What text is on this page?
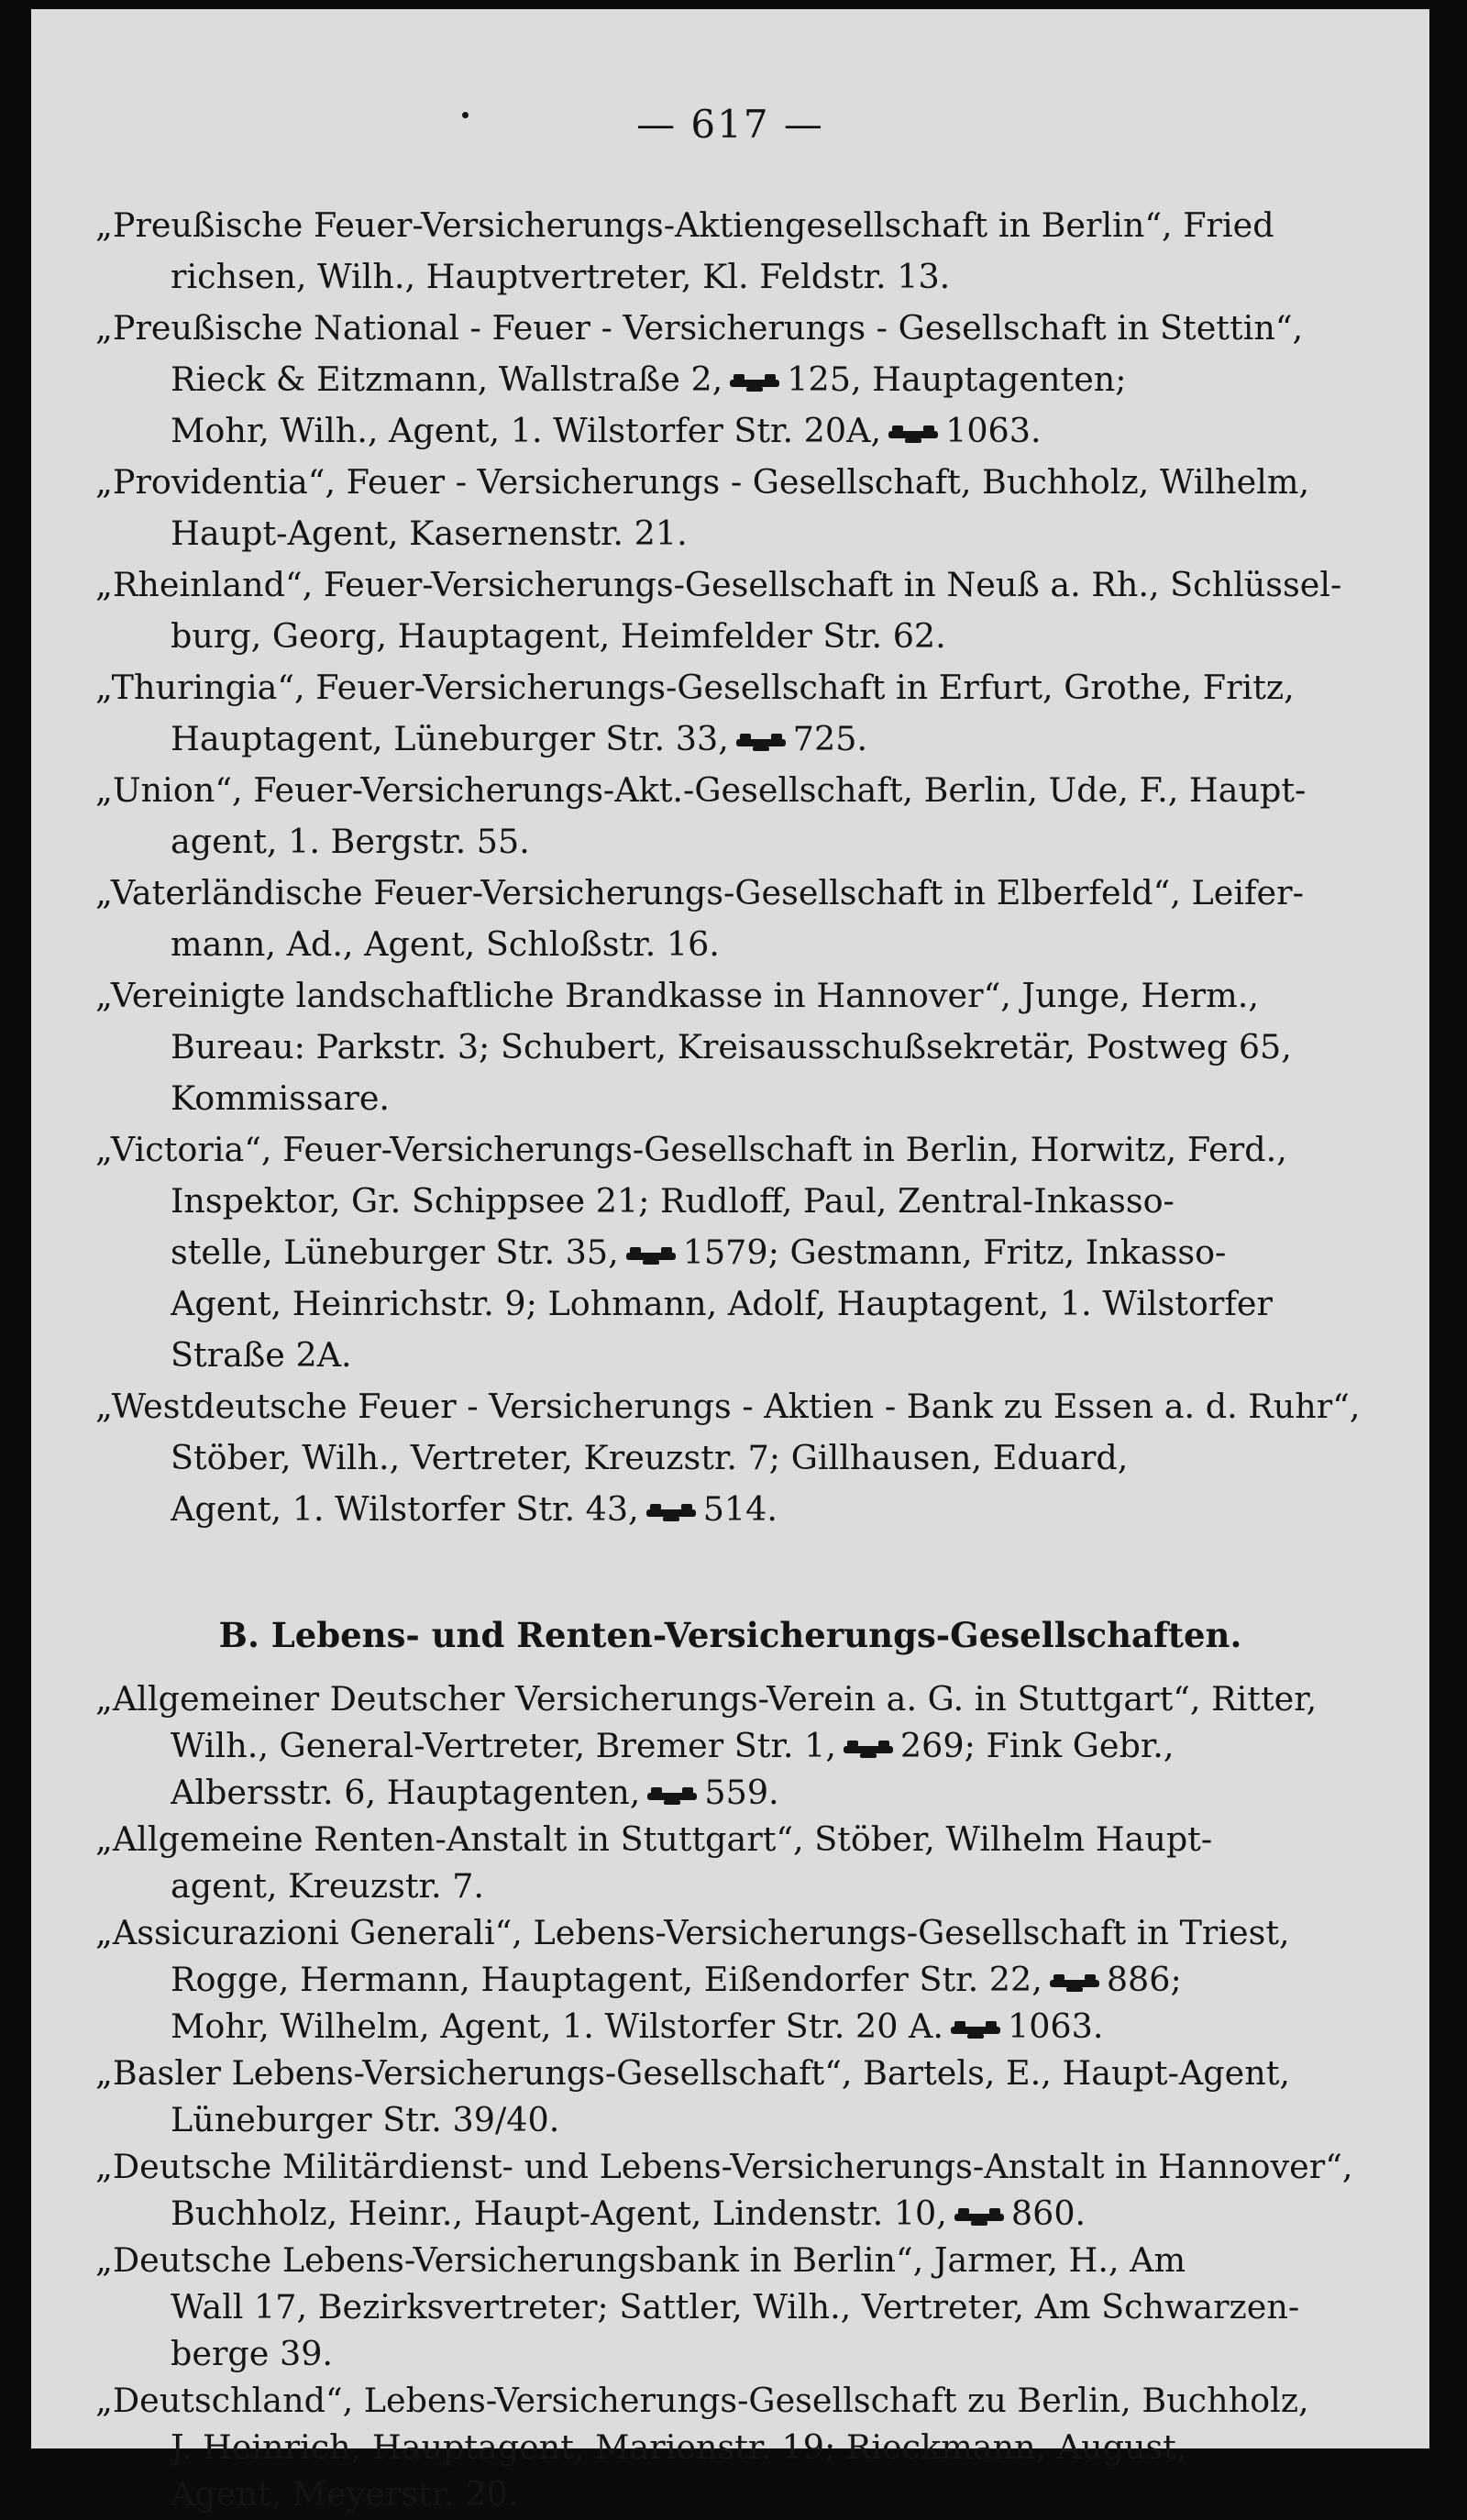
— 617 —
„Preußische Feuer-Versicherungs-Aktiengesellschaft in Berlin“, Fried
richsen, Wilh., Hauptvertreter, Kl. Feldstr. 13.
„Preußische National - Feuer - Versicherungs - Gesellschaft in Stettin“,
Rieck & Eitzmann, Wallstraße 2, 125, Hauptagenten;
Mohr, Wilh., Agent, 1. Wilstorfer Str. 20A, 1063.
„Providentia“, Feuer - Versicherungs - Gesellschaft, Buchholz, Wilhelm,
Haupt-Agent, Kasernenstr. 21.
„Rheinland“, Feuer-Versicherungs-Gesellschaft in Neuß a. Rh., Schlüssel-
burg, Georg, Hauptagent, Heimfelder Str. 62.
„Thuringia“, Feuer-Versicherungs-Gesellschaft in Erfurt, Grothe, Fritz,
Hauptagent, Lüneburger Str. 33, 725.
„Union“, Feuer-Versicherungs-Akt.-Gesellschaft, Berlin, Ude, F., Haupt-
agent, 1. Bergstr. 55.
„Vaterländische Feuer-Versicherungs-Gesellschaft in Elberfeld“, Leifer-
mann, Ad., Agent, Schloßstr. 16.
„Vereinigte landschaftliche Brandkasse in Hannover“, Junge, Herm.,
Bureau: Parkstr. 3; Schubert, Kreisausschußsekretär, Postweg 65,
Kommissare.
„Victoria“, Feuer-Versicherungs-Gesellschaft in Berlin, Horwitz, Ferd.,
Inspektor, Gr. Schippsee 21; Rudloff, Paul, Zentral-Inkasso-
stelle, Lüneburger Str. 35, 1579; Gestmann, Fritz, Inkasso-
Agent, Heinrichstr. 9; Lohmann, Adolf, Hauptagent, 1. Wilstorfer
Straße 2A.
„Westdeutsche Feuer - Versicherungs - Aktien - Bank zu Essen a. d. Ruhr“,
Stöber, Wilh., Vertreter, Kreuzstr. 7; Gillhausen, Eduard,
Agent, 1. Wilstorfer Str. 43, 514.
B. Lebens- und Renten-Versicherungs-Gesellschaften.
„Allgemeiner Deutscher Versicherungs-Verein a. G. in Stuttgart“, Ritter,
Wilh., General-Vertreter, Bremer Str. 1, 269; Fink Gebr.,
Albersstr. 6, Hauptagenten, 559.
„Allgemeine Renten-Anstalt in Stuttgart“, Stöber, Wilhelm Haupt-
agent, Kreuzstr. 7.
„Assicurazioni Generali“, Lebens-Versicherungs-Gesellschaft in Triest,
Rogge, Hermann, Hauptagent, Eißendorfer Str. 22, 886;
Mohr, Wilhelm, Agent, 1. Wilstorfer Str. 20 A. 1063.
„Basler Lebens-Versicherungs-Gesellschaft“, Bartels, E., Haupt-Agent,
Lüneburger Str. 39/40.
„Deutsche Militärdienst- und Lebens-Versicherungs-Anstalt in Hannover“,
Buchholz, Heinr., Haupt-Agent, Lindenstr. 10, 860.
„Deutsche Lebens-Versicherungsbank in Berlin“, Jarmer, H., Am
Wall 17, Bezirksvertreter; Sattler, Wilh., Vertreter, Am Schwarzen-
berge 39.
„Deutschland“, Lebens-Versicherungs-Gesellschaft zu Berlin, Buchholz,
J. Heinrich, Hauptagent, Marienstr. 19; Rieckmann, August,
Agent, Meyerstr. 20.
